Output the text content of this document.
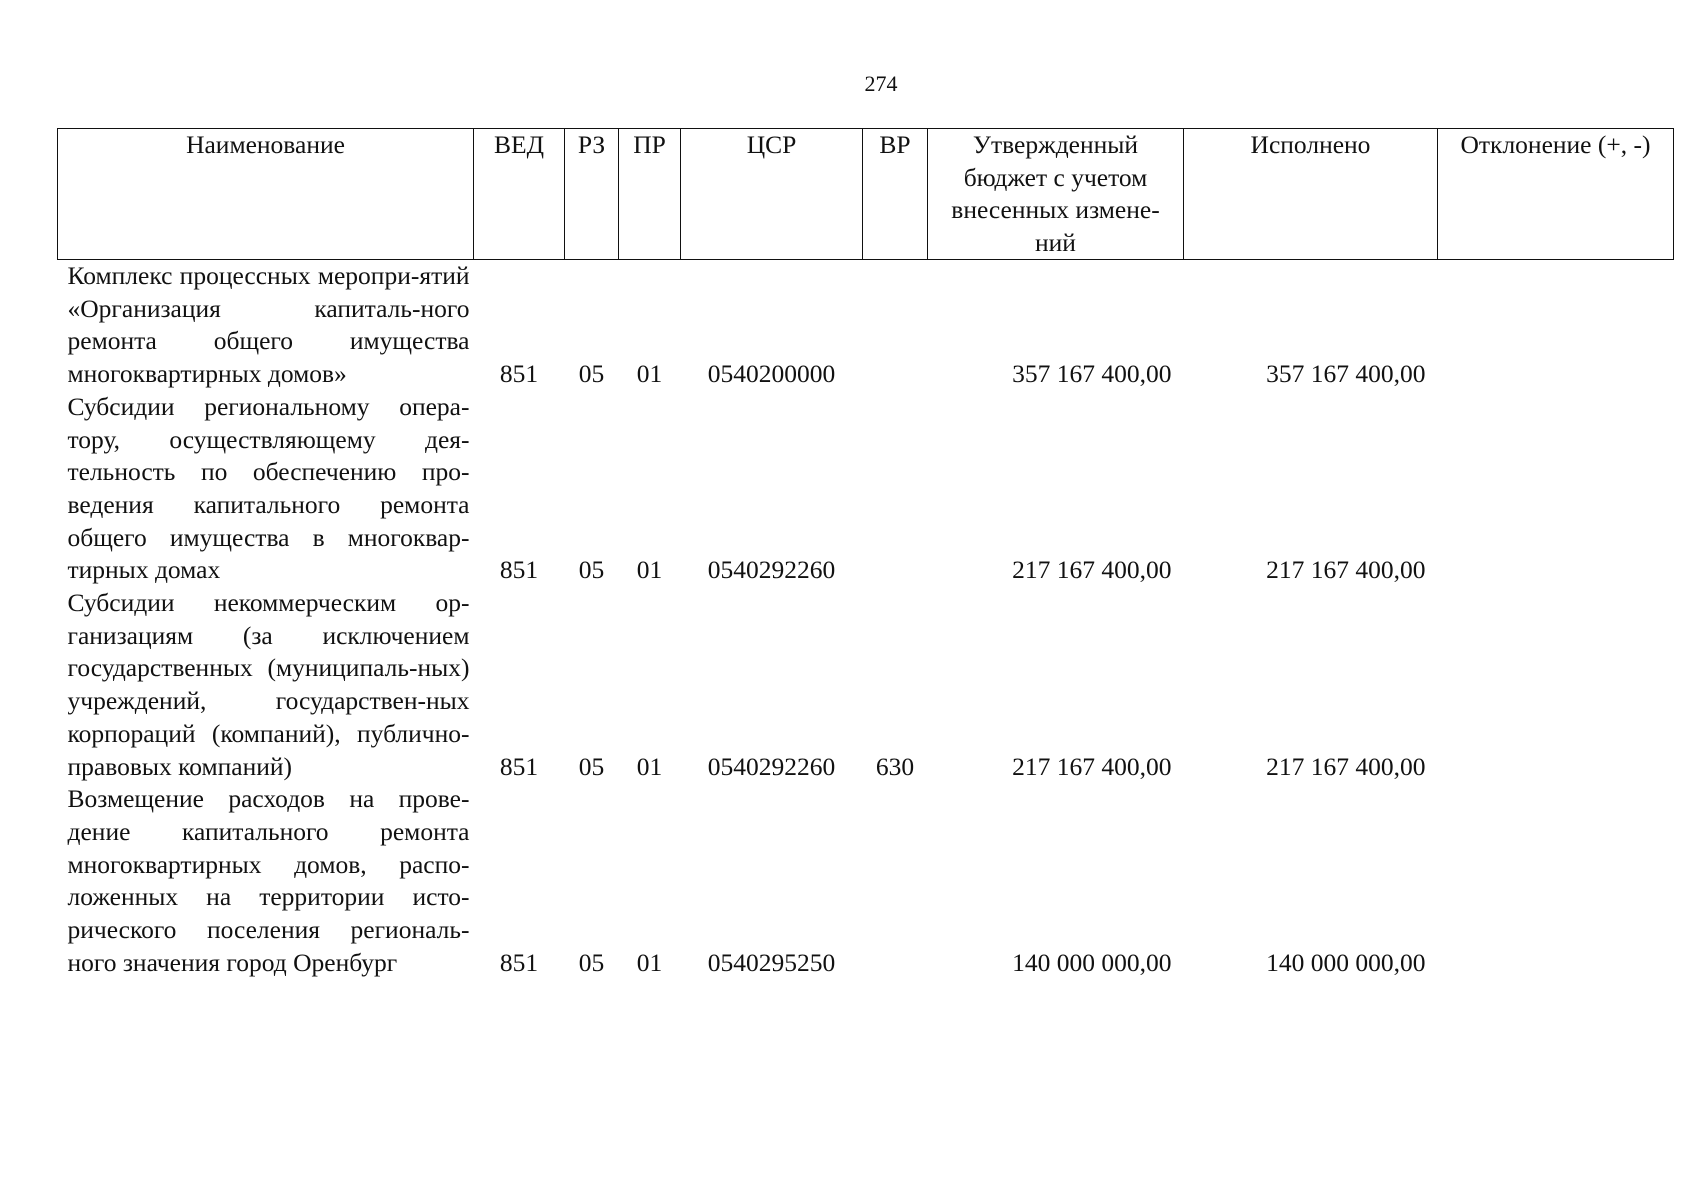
274
Наименование	ВЕД	РЗ	ПР	ЦСР	ВР	Утвержденный бюджет с учетом внесенных измене-ний	Исполнено	Отклонение (+, -)
Комплекс процессных меропри-ятий «Организация капиталь-ного ремонта общего имущества многоквартирных домов»	851	05	01	0540200000		357 167 400,00	357 167 400,00	
Субсидии региональному опера-тору, осуществляющему дея-тельность по обеспечению про-ведения капитального ремонта общего имущества в многоквар-тирных домах	851	05	01	0540292260		217 167 400,00	217 167 400,00	
Субсидии некоммерческим ор-ганизациям (за исключением государственных (муниципаль-ных) учреждений, государствен-ных корпораций (компаний), публично-правовых компаний)	851	05	01	0540292260	630	217 167 400,00	217 167 400,00	
Возмещение расходов на прове-дение капитального ремонта многоквартирных домов, распо-ложенных на территории исто-рического поселения региональ-ного значения город Оренбург	851	05	01	0540295250		140 000 000,00	140 000 000,00	
